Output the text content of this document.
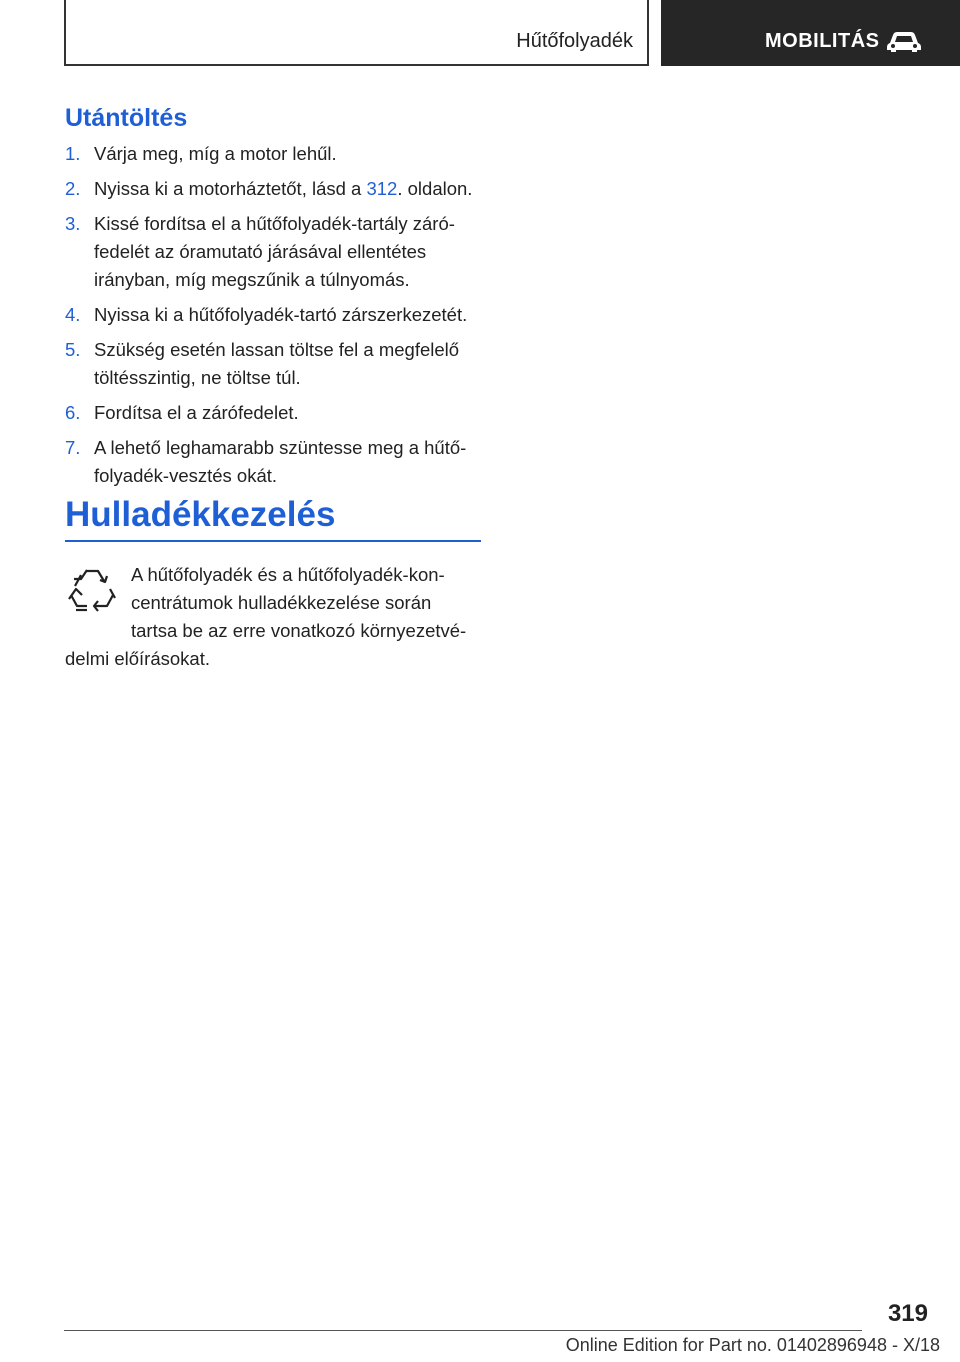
Hűtőfolyadék	MOBILITÁS
Utántöltés
1. Várja meg, míg a motor lehűl.
2. Nyissa ki a motorháztetőt, lásd a 312. oldalon.
3. Kissé fordítsa el a hűtőfolyadék-tartály zárófedelét az óramutató járásával ellentétes irányban, míg megszűnik a túlnyomás.
4. Nyissa ki a hűtőfolyadék-tartó zárszerkezetét.
5. Szükség esetén lassan töltse fel a megfelelő töltésszintig, ne töltse túl.
6. Fordítsa el a zárófedelet.
7. A lehető leghamarabb szüntesse meg a hűtőfolyadék-vesztés okát.
Hulladékkezelés
A hűtőfolyadék és a hűtőfolyadék-kon‐
centrátumok hulladékkezelése során
tartsa be az erre vonatkozó környezetvé‐
delmi előírásokat.
319
Online Edition for Part no. 01402896948 - X/18
